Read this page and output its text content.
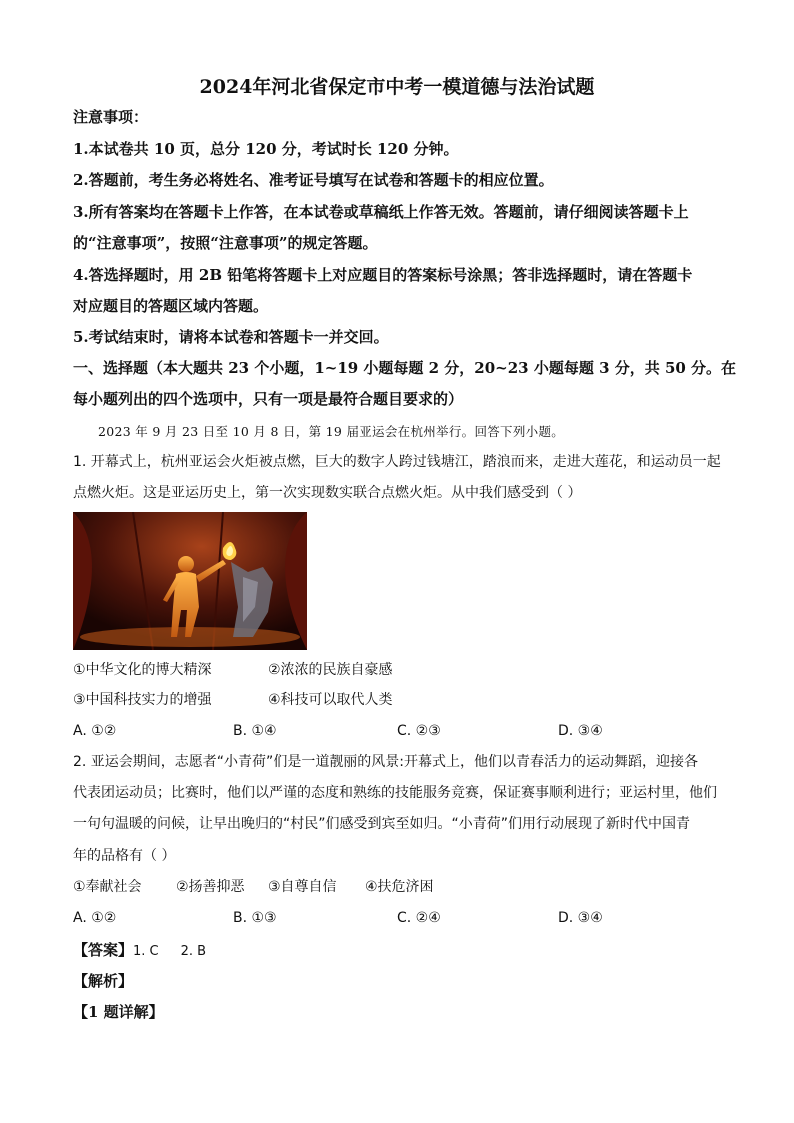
2024年河北省保定市中考一模道德与法治试题
注意事项：
1.本试卷共 10 页，总分 120 分，考试时长 120 分钟。
2.答题前，考生务必将姓名、准考证号填写在试卷和答题卡的相应位置。
3.所有答案均在答题卡上作答，在本试卷或草稿纸上作答无效。答题前，请仔细阅读答题卡上
的“注意事项”，按照“注意事项”的规定答题。
4.答选择题时，用 2B 铅笔将答题卡上对应题目的答案标号涂黑；答非选择题时，请在答题卡
对应题目的答题区域内答题。
5.考试结束时，请将本试卷和答题卡一并交回。
一、选择题（本大题共 23 个小题，1~19 小题每题 2 分，20~23 小题每题 3 分，共 50 分。在
每小题列出的四个选项中，只有一项是最符合题目要求的）
2023 年 9 月 23 日至 10 月 8 日，第 19 届亚运会在杭州举行。回答下列小题。
1. 开幕式上，杭州亚运会火炬被点燃，巨大的数字人跨过钱塘江，踏浪而来，走进大莲花，和运动员一起
点燃火炬。这是亚运历史上，第一次实现数实联合点燃火炬。从中我们感受到（ ）
①中华文化的博大精深	②浓浓的民族自豪感
③中国科技实力的增强	④科技可以取代人类
A. ①②	B. ①④	C. ②③	D. ③④
2. 亚运会期间，志愿者“小青荷”们是一道靓丽的风景:开幕式上，他们以青春活力的运动舞蹈，迎接各
代表团运动员；比赛时，他们以严谨的态度和熟练的技能服务竞赛，保证赛事顺利进行；亚运村里，他们
一句句温暖的问候，让早出晚归的“村民”们感受到宾至如归。“小青荷”们用行动展现了新时代中国青
年的品格有（ ）
①奉献社会 ②扬善抑恶 ③自尊自信 ④扶危济困
A. ①②	B. ①③	C. ②④	D. ③④
【答案】1. C 2. B
【解析】
【1 题详解】
